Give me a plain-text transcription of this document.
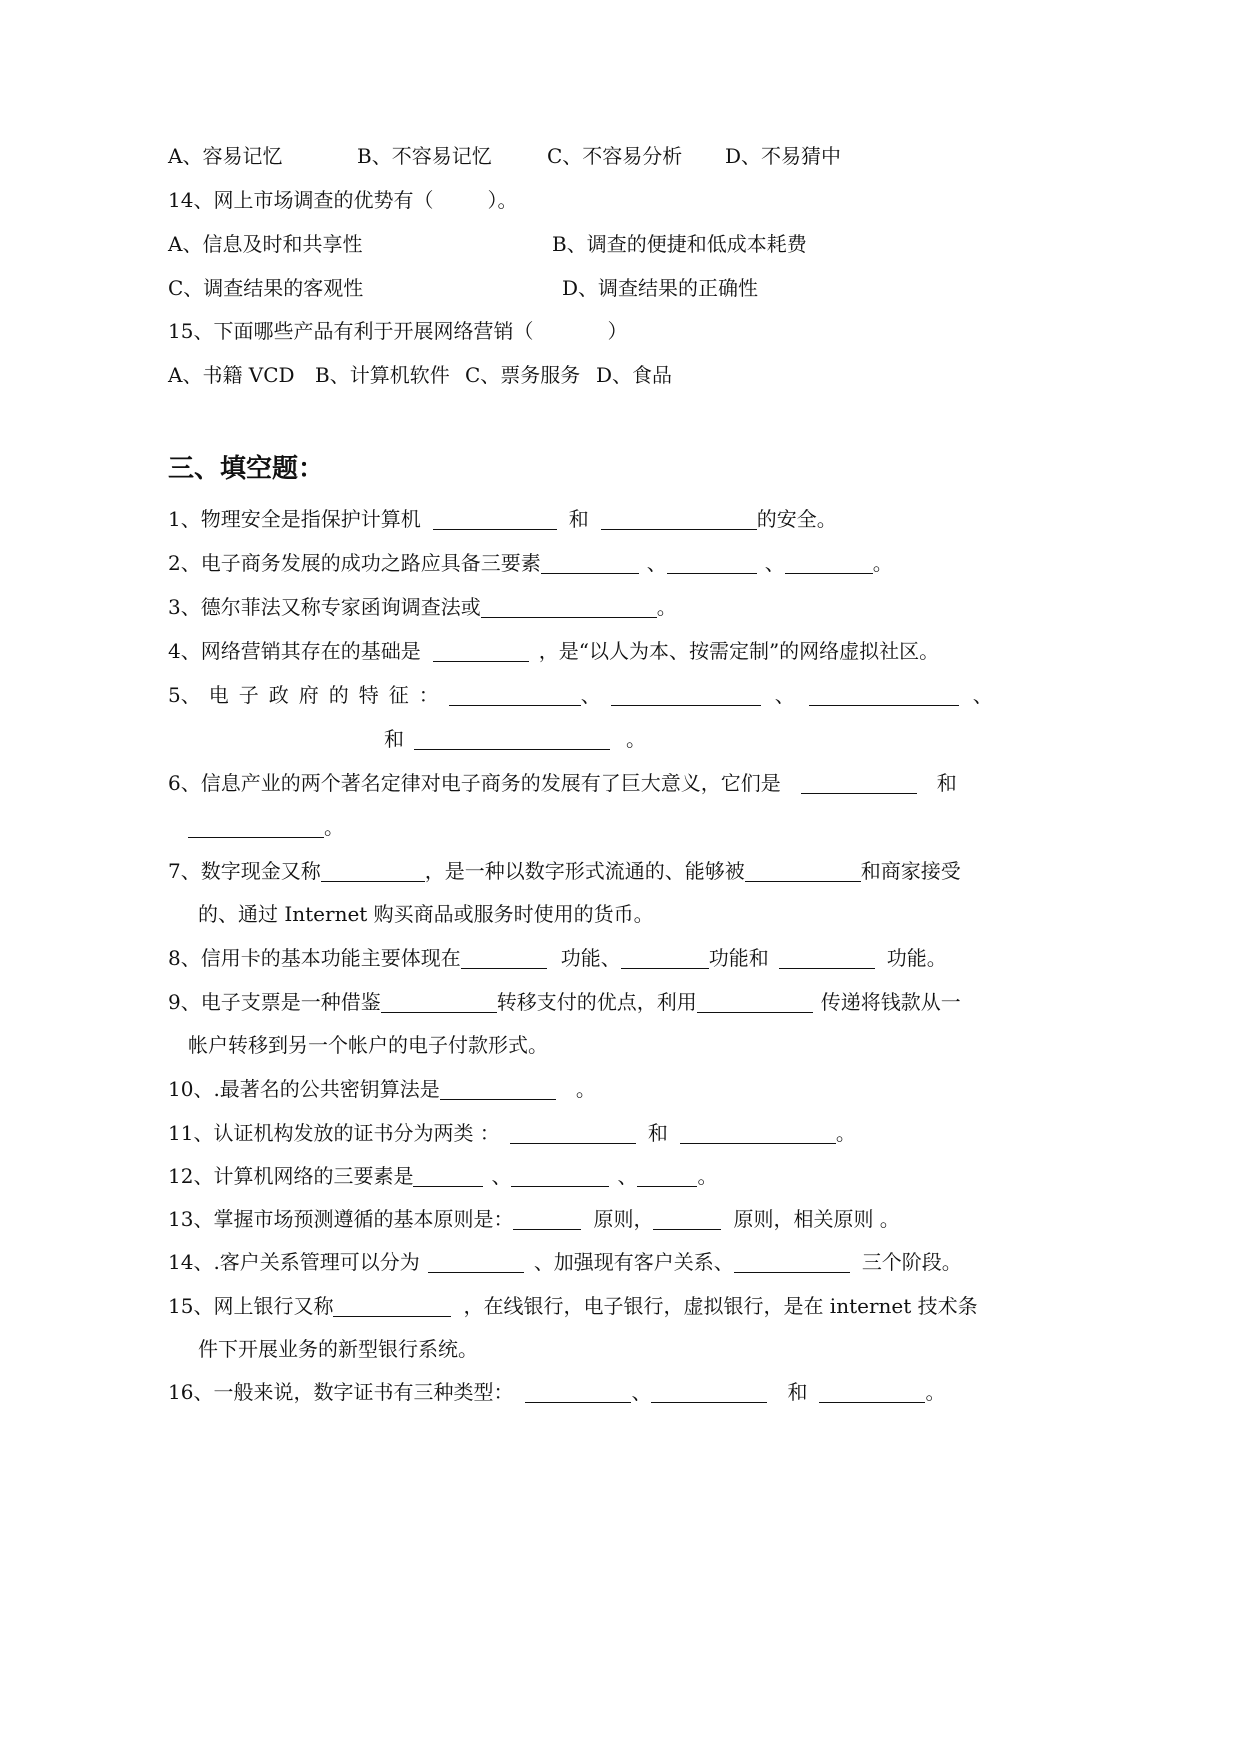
A、容易记忆	B、不容易记忆	C、不容易分析 D、不易猜中
14、网上市场调查的优势有（	）。
A、信息及时和共享性	B、调查的便捷和低成本耗费
C、调查结果的客观性	D、调查结果的正确性
15、下面哪些产品有利于开展网络营销（	）
A、书籍 VCD B、计算机软件 C、票务服务 D、食品
三、填空题：
1、物理安全是指保护计算机	和	的安全。
2、电子商务发展的成功之路应具备三要素	、	、	。
3、德尔菲法又称专家函询调查法或	。
4、网络营销其存在的基础是	，是“以人为本、按需定制”的网络虚拟社区。
5、 电子政府的特征：	、	、	、
和	。
6、信息产业的两个著名定律对电子商务的发展有了巨大意义，它们是	和
。
7、数字现金又称	，是一种以数字形式流通的、能够被	和商家接受
的、通过 Internet 购买商品或服务时使用的货币。
8、信用卡的基本功能主要体现在	功能、	功能和	功能。
9、电子支票是一种借鉴	转移支付的优点，利用	传递将钱款从一
帐户转移到另一个帐户的电子付款形式。
10、.最著名的公共密钥算法是	。
11、认证机构发放的证书分为两类 ：	和	。
12、计算机网络的三要素是	、	、	。
13、掌握市场预测遵循的基本原则是：	原则，	原则，相关原则 。
14、.客户关系管理可以分为	、加强现有客户关系、	三个阶段。
15、网上银行又称	，在线银行，电子银行，虚拟银行，是在 internet 技术条
件下开展业务的新型银行系统。
16、一般来说，数字证书有三种类型：	、	和	。
